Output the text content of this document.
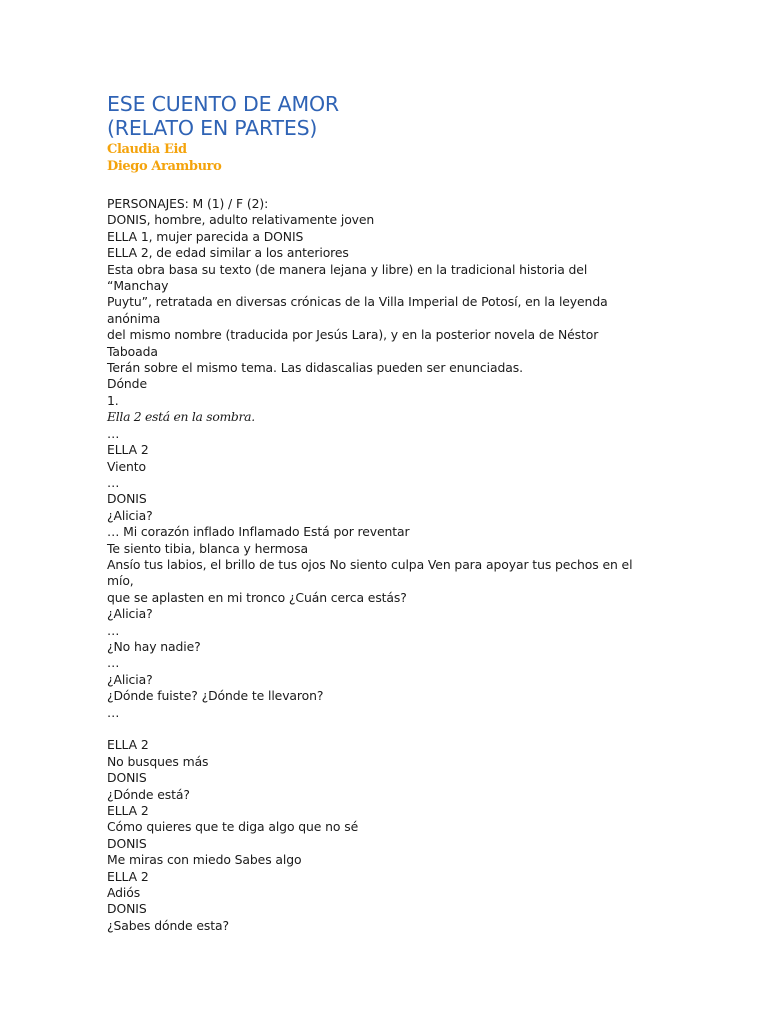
ESE CUENTO DE AMOR
(RELATO EN PARTES)
Claudia Eid
Diego Aramburo
PERSONAJES: M (1) / F (2):
DONIS, hombre, adulto relativamente joven
ELLA 1, mujer parecida a DONIS
ELLA 2, de edad similar a los anteriores
Esta obra basa su texto (de manera lejana y libre) en la tradicional historia del
“Manchay
Puytu”, retratada en diversas crónicas de la Villa Imperial de Potosí, en la leyenda
anónima
del mismo nombre (traducida por Jesús Lara), y en la posterior novela de Néstor
Taboada
Terán sobre el mismo tema. Las didascalias pueden ser enunciadas.
Dónde
1.
Ella 2 está en la sombra.
…
ELLA 2
Viento
…
DONIS
¿Alicia?
… Mi corazón inflado Inflamado Está por reventar
Te siento tibia, blanca y hermosa
Ansío tus labios, el brillo de tus ojos No siento culpa Ven para apoyar tus pechos en el
mío,
que se aplasten en mi tronco ¿Cuán cerca estás?
¿Alicia?
…
¿No hay nadie?
…
¿Alicia?
¿Dónde fuiste? ¿Dónde te llevaron?
…
ELLA 2
No busques más
DONIS
¿Dónde está?
ELLA 2
Cómo quieres que te diga algo que no sé
DONIS
Me miras con miedo Sabes algo
ELLA 2
Adiós
DONIS
¿Sabes dónde esta?
